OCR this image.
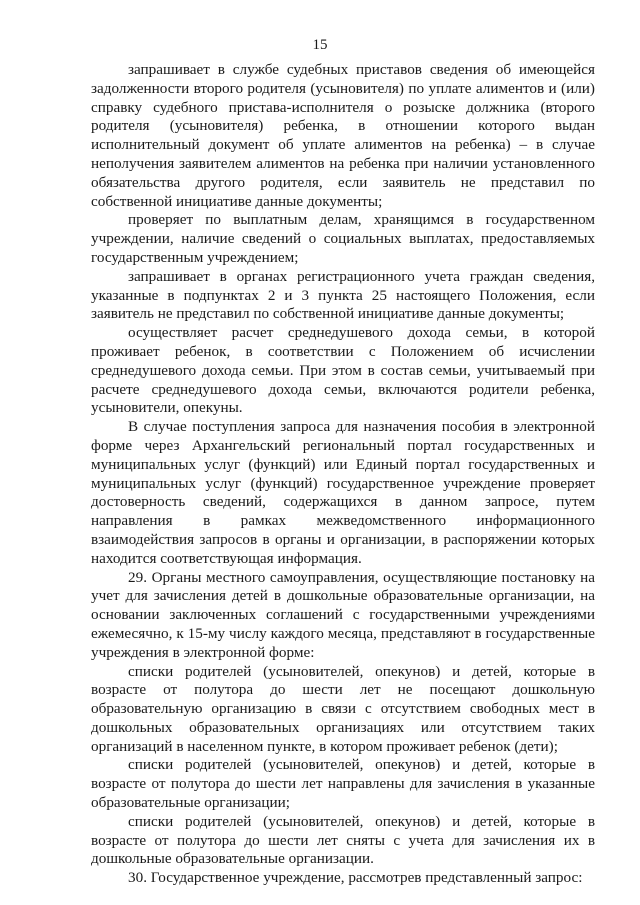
15

запрашивает в службе судебных приставов сведения об имеющейся задолженности второго родителя (усыновителя) по уплате алиментов и (или) справку судебного пристава-исполнителя о розыске должника (второго родителя (усыновителя) ребенка, в отношении которого выдан исполнительный документ об уплате алиментов на ребенка) – в случае неполучения заявителем алиментов на ребенка при наличии установленного обязательства другого родителя, если заявитель не представил по собственной инициативе данные документы;

проверяет по выплатным делам, хранящимся в государственном учреждении, наличие сведений о социальных выплатах, предоставляемых государственным учреждением;

запрашивает в органах регистрационного учета граждан сведения, указанные в подпунктах 2 и 3 пункта 25 настоящего Положения, если заявитель не представил по собственной инициативе данные документы;

осуществляет расчет среднедушевого дохода семьи, в которой проживает ребенок, в соответствии с Положением об исчислении среднедушевого дохода семьи. При этом в состав семьи, учитываемый при расчете среднедушевого дохода семьи, включаются родители ребенка, усыновители, опекуны.

В случае поступления запроса для назначения пособия в электронной форме через Архангельский региональный портал государственных и муниципальных услуг (функций) или Единый портал государственных и муниципальных услуг (функций) государственное учреждение проверяет достоверность сведений, содержащихся в данном запросе, путем направления в рамках межведомственного информационного взаимодействия запросов в органы и организации, в распоряжении которых находится соответствующая информация.

29. Органы местного самоуправления, осуществляющие постановку на учет для зачисления детей в дошкольные образовательные организации, на основании заключенных соглашений с государственными учреждениями ежемесячно, к 15-му числу каждого месяца, представляют в государственные учреждения в электронной форме:

списки родителей (усыновителей, опекунов) и детей, которые в возрасте от полутора до шести лет не посещают дошкольную образовательную организацию в связи с отсутствием свободных мест в дошкольных образовательных организациях или отсутствием таких организаций в населенном пункте, в котором проживает ребенок (дети);

списки родителей (усыновителей, опекунов) и детей, которые в возрасте от полутора до шести лет направлены для зачисления в указанные образовательные организации;

списки родителей (усыновителей, опекунов) и детей, которые в возрасте от полутора до шести лет сняты с учета для зачисления их в дошкольные образовательные организации.

30. Государственное учреждение, рассмотрев представленный запрос:
